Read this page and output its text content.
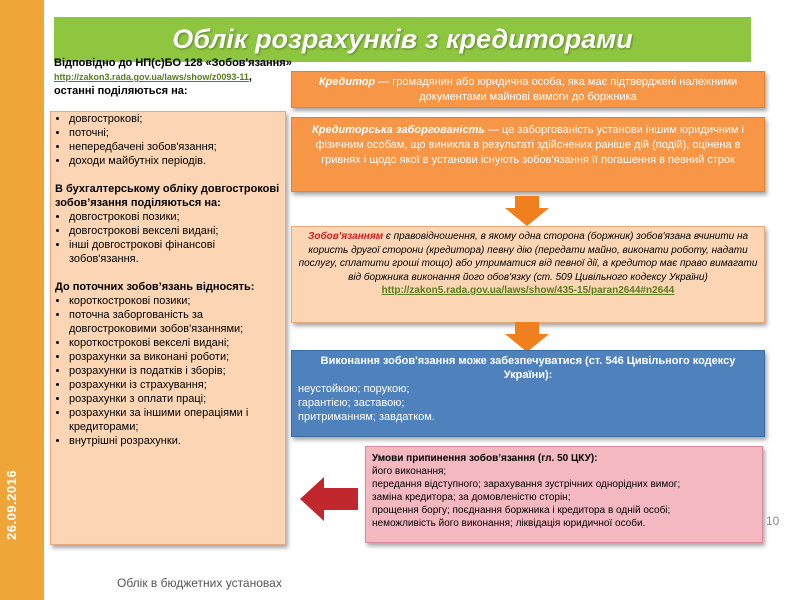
26.09.2016
Облік розрахунків з кредиторами
Відповідно до НП(с)БО 128 «Зобов'язання»
http://zakon3.rada.gov.ua/laws/show/z0093-11, останні поділяються на:
• довгострокові;
• поточні;
• непередбачені зобов'язання;
• доходи майбутніх періодів.
В бухгалтерському обліку довгострокові зобов’язання поділяються на:
• довгострокові позики;
• довгострокові векселі видані;
• інші довгострокові фінансові зобов'язання.
До поточних зобов’язань відносять:
• короткострокові позики;
• поточна заборгованість за довгостроковими зобов'язаннями;
• короткострокові векселі видані;
• розрахунки за виконані роботи;
• розрахунки із податків і зборів;
• розрахунки із страхування;
• розрахунки з оплати праці;
• розрахунки за іншими операціями і кредиторами;
• внутрішні розрахунки.
Кредитор — громадянин або юридична особа, яка має підтверджені належними документами майнові вимоги до боржника
Кредиторська заборгованість — це заборгованість установи іншим юридичним і фізичним особам, що виникла в результаті здійснених раніше дій (подій), оцінена в гривнях і щодо якої в установи існують зобов'язання її погашення в певний строк
Зобов'язанням є правовідношення, в якому одна сторона (боржник) зобов'язана вчинити на користь другої сторони (кредитора) певну дію (передати майно, виконати роботу, надати послугу, сплатити гроші тощо) або утриматися від певної дії, а кредитор має право вимагати від боржника виконання його обов'язку (ст. 509 Цивільного кодексу України)
http://zakon5.rada.gov.ua/laws/show/435-15/paran2644#n2644
Виконання зобов'язання може забезпечуватися (ст. 546 Цивільного кодексу України):
неустойкою; порукою;
гарантією; заставою;
притриманням; завдатком.
Умови припинення зобов’язання (гл. 50 ЦКУ):
його виконання;
передання відступного; зарахування зустрічних однорідних вимог;
заміна кредитора; за домовленістю сторін;
прощення боргу; поєднання боржника і кредитора в одній особі;
неможливість його виконання; ліквідація юридичної особи.	10
Облік в бюджетних установах
